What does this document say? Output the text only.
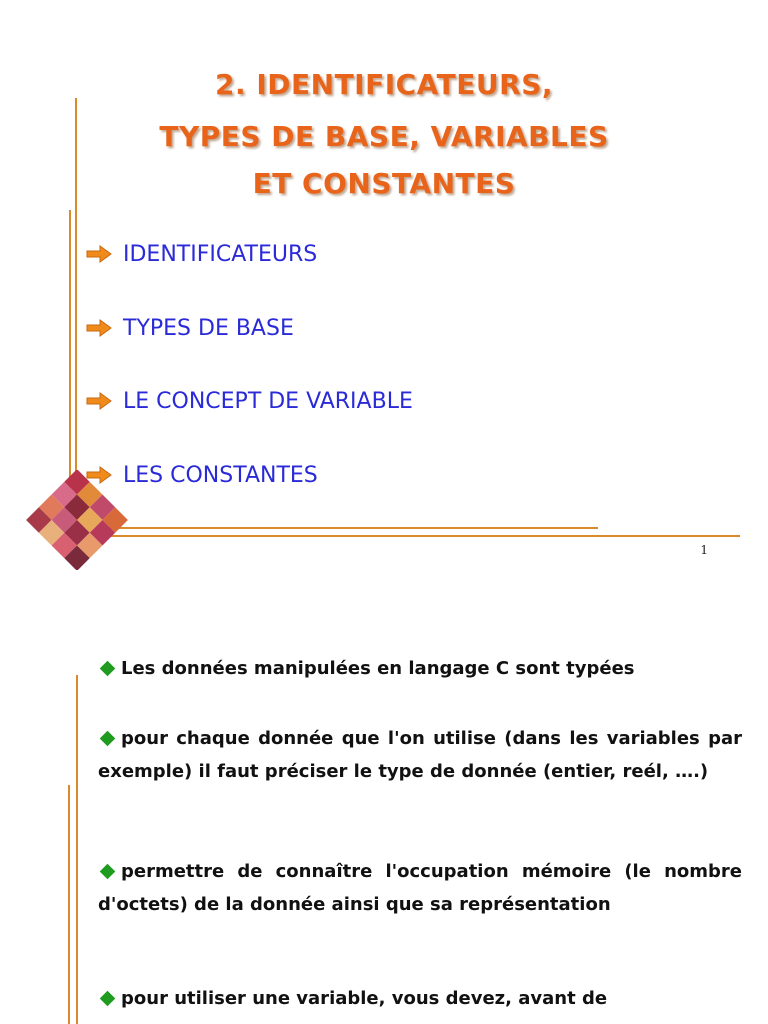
2. IDENTIFICATEURS,
TYPES DE BASE, VARIABLES
ET CONSTANTES
IDENTIFICATEURS
TYPES DE BASE
LE CONCEPT DE VARIABLE
LES CONSTANTES
1
Les données manipulées en langage C sont typées
pour chaque donnée que l'on utilise (dans les variables par exemple) il faut préciser le type de donnée (entier, reél, ….)
permettre de connaître l'occupation mémoire (le nombre d'octets) de la donnée ainsi que sa représentation
pour utiliser une variable, vous devez, avant de
